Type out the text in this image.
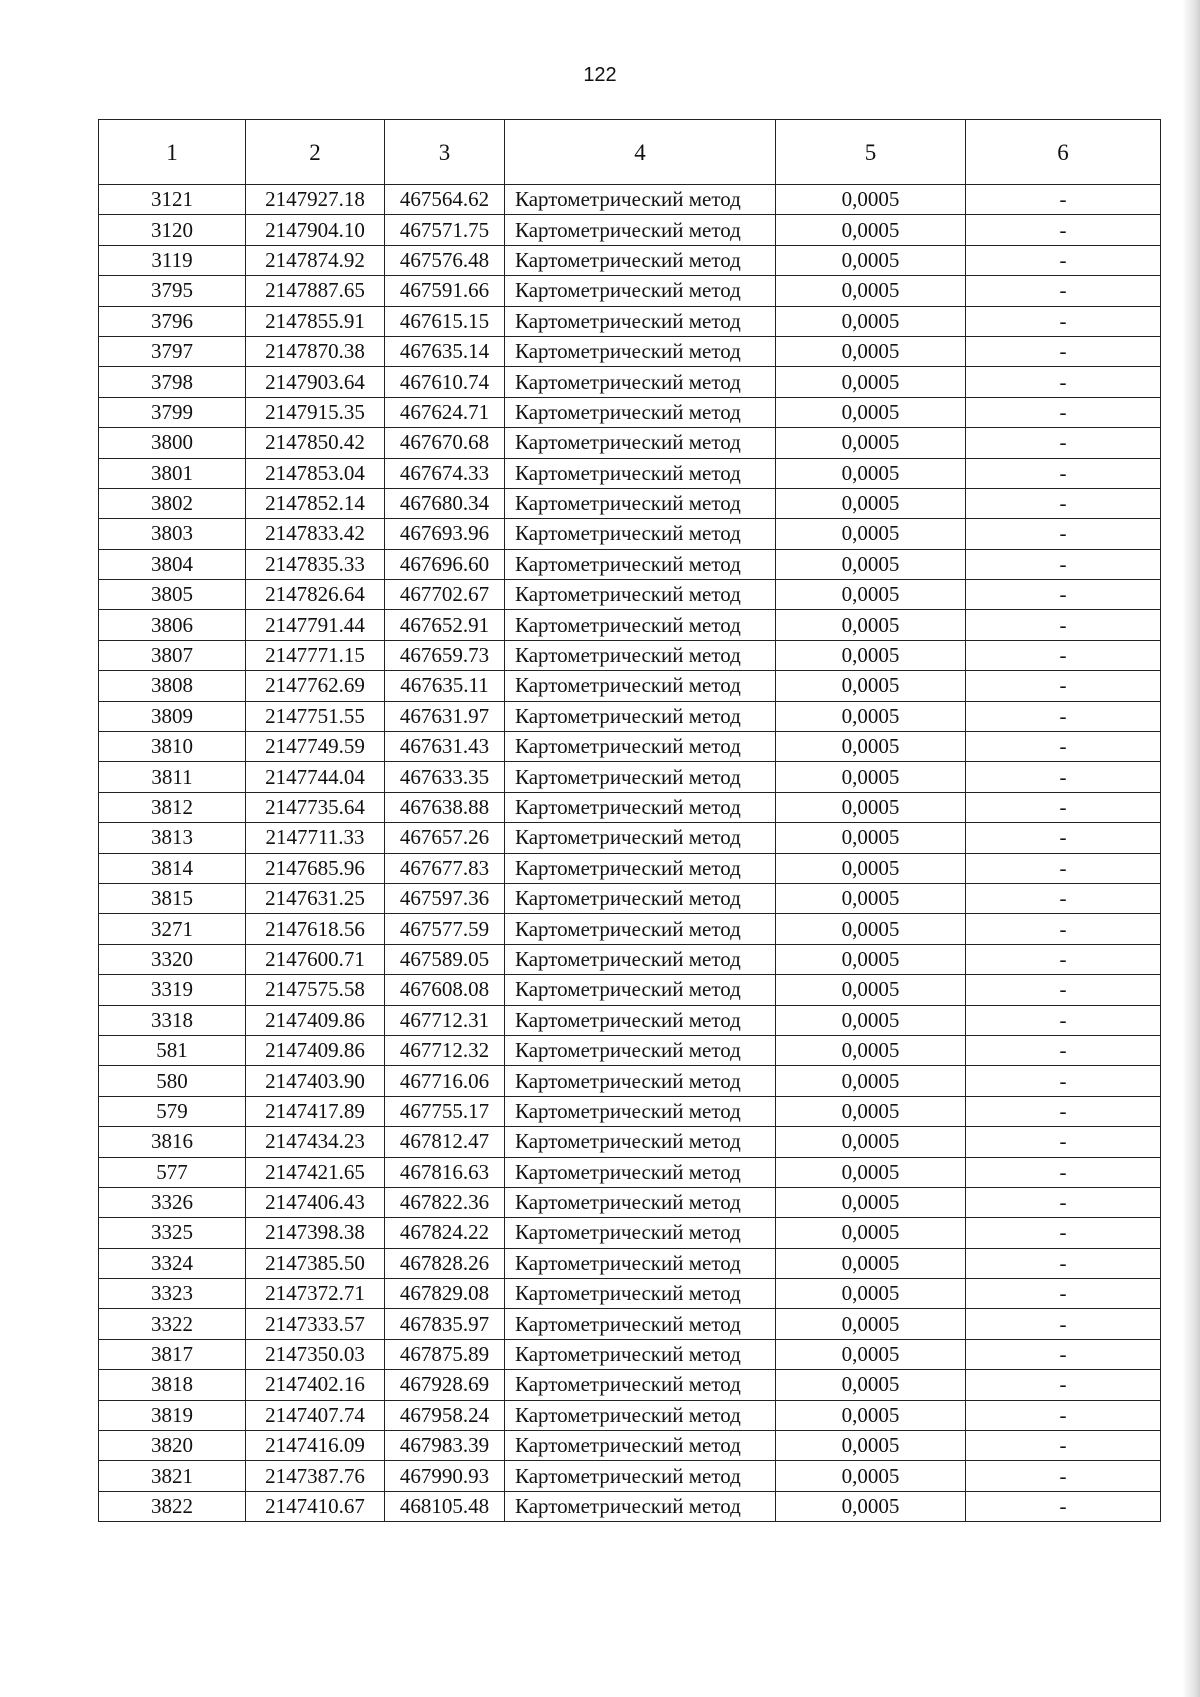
122
1	2	3	4	5	6
3121	2147927.18	467564.62	Картометрический метод	0,0005	-
3120	2147904.10	467571.75	Картометрический метод	0,0005	-
3119	2147874.92	467576.48	Картометрический метод	0,0005	-
3795	2147887.65	467591.66	Картометрический метод	0,0005	-
3796	2147855.91	467615.15	Картометрический метод	0,0005	-
3797	2147870.38	467635.14	Картометрический метод	0,0005	-
3798	2147903.64	467610.74	Картометрический метод	0,0005	-
3799	2147915.35	467624.71	Картометрический метод	0,0005	-
3800	2147850.42	467670.68	Картометрический метод	0,0005	-
3801	2147853.04	467674.33	Картометрический метод	0,0005	-
3802	2147852.14	467680.34	Картометрический метод	0,0005	-
3803	2147833.42	467693.96	Картометрический метод	0,0005	-
3804	2147835.33	467696.60	Картометрический метод	0,0005	-
3805	2147826.64	467702.67	Картометрический метод	0,0005	-
3806	2147791.44	467652.91	Картометрический метод	0,0005	-
3807	2147771.15	467659.73	Картометрический метод	0,0005	-
3808	2147762.69	467635.11	Картометрический метод	0,0005	-
3809	2147751.55	467631.97	Картометрический метод	0,0005	-
3810	2147749.59	467631.43	Картометрический метод	0,0005	-
3811	2147744.04	467633.35	Картометрический метод	0,0005	-
3812	2147735.64	467638.88	Картометрический метод	0,0005	-
3813	2147711.33	467657.26	Картометрический метод	0,0005	-
3814	2147685.96	467677.83	Картометрический метод	0,0005	-
3815	2147631.25	467597.36	Картометрический метод	0,0005	-
3271	2147618.56	467577.59	Картометрический метод	0,0005	-
3320	2147600.71	467589.05	Картометрический метод	0,0005	-
3319	2147575.58	467608.08	Картометрический метод	0,0005	-
3318	2147409.86	467712.31	Картометрический метод	0,0005	-
581	2147409.86	467712.32	Картометрический метод	0,0005	-
580	2147403.90	467716.06	Картометрический метод	0,0005	-
579	2147417.89	467755.17	Картометрический метод	0,0005	-
3816	2147434.23	467812.47	Картометрический метод	0,0005	-
577	2147421.65	467816.63	Картометрический метод	0,0005	-
3326	2147406.43	467822.36	Картометрический метод	0,0005	-
3325	2147398.38	467824.22	Картометрический метод	0,0005	-
3324	2147385.50	467828.26	Картометрический метод	0,0005	-
3323	2147372.71	467829.08	Картометрический метод	0,0005	-
3322	2147333.57	467835.97	Картометрический метод	0,0005	-
3817	2147350.03	467875.89	Картометрический метод	0,0005	-
3818	2147402.16	467928.69	Картометрический метод	0,0005	-
3819	2147407.74	467958.24	Картометрический метод	0,0005	-
3820	2147416.09	467983.39	Картометрический метод	0,0005	-
3821	2147387.76	467990.93	Картометрический метод	0,0005	-
3822	2147410.67	468105.48	Картометрический метод	0,0005	-
